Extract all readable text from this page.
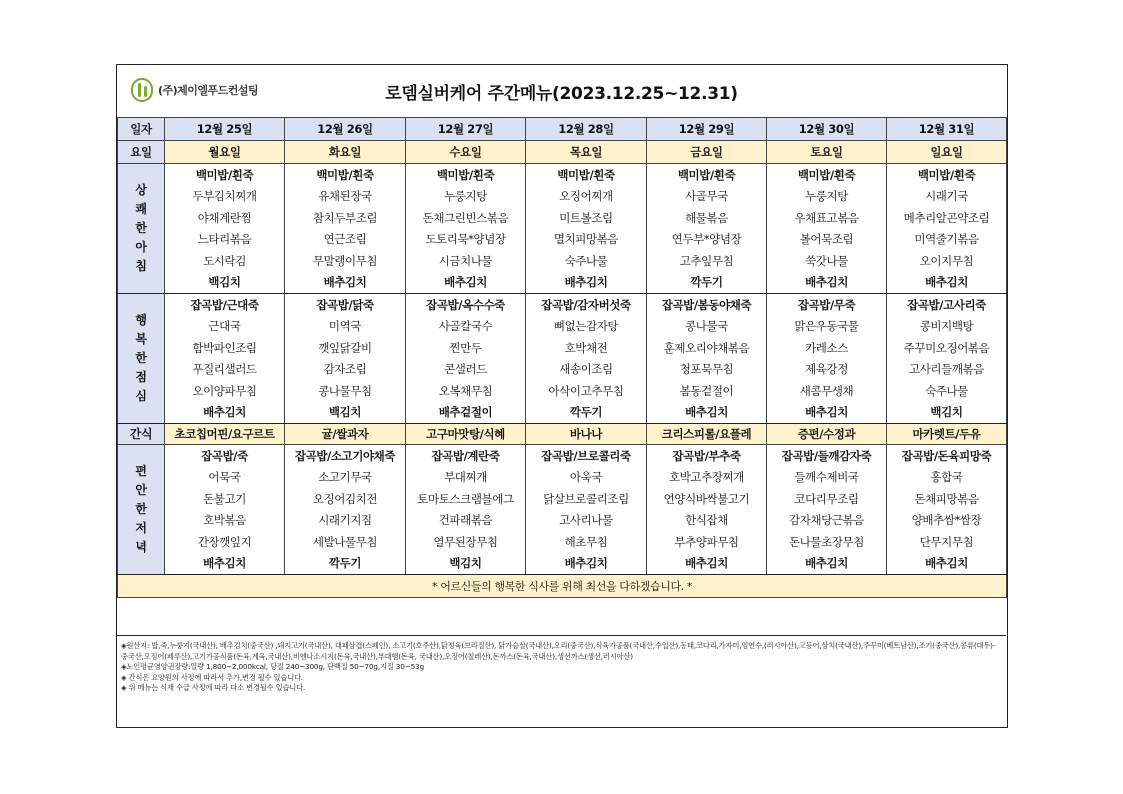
(주)제이엘푸드컨설팅	로뎀실버케어 주간메뉴(2023.12.25~12.31)
일자	12월 25일	12월 26일	12월 27일	12월 28일	12월 29일	12월 30일	12월 31일
요일	월요일	화요일	수요일	목요일	금요일	토요일	일요일

상
쾌
한
아
침	백미밥/흰죽	백미밥/흰죽	백미밥/흰죽	백미밥/흰죽	백미밥/흰죽	백미밥/흰죽	백미밥/흰죽
	두부김치찌개	유채된장국	누룽지탕	오징어찌개	사골무국	누룽지탕	시래기국
	야채계란찜	참치두부조림	돈채그린빈스볶음	미트볼조림	해물볶음	우채표고볶음	메추리알곤약조림
	느타리볶음	연근조림	도토리묵*양념장	멸치피망볶음	연두부*양념장	볼어묵조림	미역줄기볶음
	도시락김	무말랭이무침	시금치나물	숙주나물	고추잎무침	쑥갓나물	오이지무침
	백김치	배추김치	배추김치	배추김치	깍두기	배추김치	배추김치

행
복
한
점
심	잡곡밥/근대죽	잡곡밥/닭죽	잡곡밥/옥수수죽	잡곡밥/감자버섯죽	잡곡밥/봄동야채죽	잡곡밥/무죽	잡곡밥/고사리죽
	근대국	미역국	사골칼국수	뼈없는감자탕	콩나물국	맑은우동국물	콩비지백탕
	함박파인조림	깻잎닭갈비	찐만두	호박채전	훈제오리야채볶음	카레소스	주꾸미오징어볶음
	푸질리샐러드	감자조림	콘샐러드	새송이조림	청포묵무침	제육강정	고사리들깨볶음
	오이양파무침	콩나물무침	오복채무침	아삭이고추무침	봄동겉절이	새콤무생채	숙주나물
	배추김치	백김치	배추겉절이	깍두기	배추김치	배추김치	백김치
간식	초코칩머핀/요구르트	귤/쌀과자	고구마맛탕/식혜	바나나	크리스피롤/요플레	증편/수정과	마카렛트/두유

편
안
한
저
녁	잡곡밥/죽	잡곡밥/소고기야채죽	잡곡밥/계란죽	잡곡밥/브로콜리죽	잡곡밥/부추죽	잡곡밥/들깨감자죽	잡곡밥/돈육피망죽
	어묵국	소고기무국	부대찌개	아욱국	호박고추장찌개	들깨수제비국	홍합국
	돈불고기	오징어김치전	토마토스크램블에그	닭살브로콜리조림	언양식바싹불고기	코다리무조림	돈채피망볶음
	호박볶음	시래기지짐	건파래볶음	고사리나물	한식잡채	감자채당근볶음	양배추쌈*쌈장
	간장깻잎지	세발나물무침	열무된장무침	해초무침	부추양파무침	돈나물초장무침	단무지무침
	배추김치	깍두기	백김치	배추김치	배추김치	배추김치	배추김치
* 어르신들의 행복한 식사를 위해 최선을 다하겠습니다. *							

◈원산지: 밥,죽,누룽지(국내산), 배추김치(중국산) ,돼지고기(국내산), 대패삼겹(스페인), 소고기(호주산),닭정육(브라질산), 닭가슴살(국내산),오리(중국산),식육가공품(국내산,수입산),동태,코다리,가자미,임연수,(러시아산),고등어,삼치(국내산),주꾸미(베트남산),조기(중국산),콩류(대두)-중국산,오징어(페루산),고기가공식품(돈육,계육,국내산),비엔나소시지(돈육,국내산),부대햄(돈육, 국내산),오징어(칠레산),돈까스(돈육,국내산),생선까스(생선,러시아산)

◈노인평균영양권장량:열량 1,800~2,000kcal, 당질 240~300g, 단백질 50~70g,지질 30~53g

◈ 간식은 요양원의 사정에 따라서 추가,변경 될수 있습니다.

◈ 위 메뉴는 식재 수급 사정에 따라 다소 변경될수 있습니다.
